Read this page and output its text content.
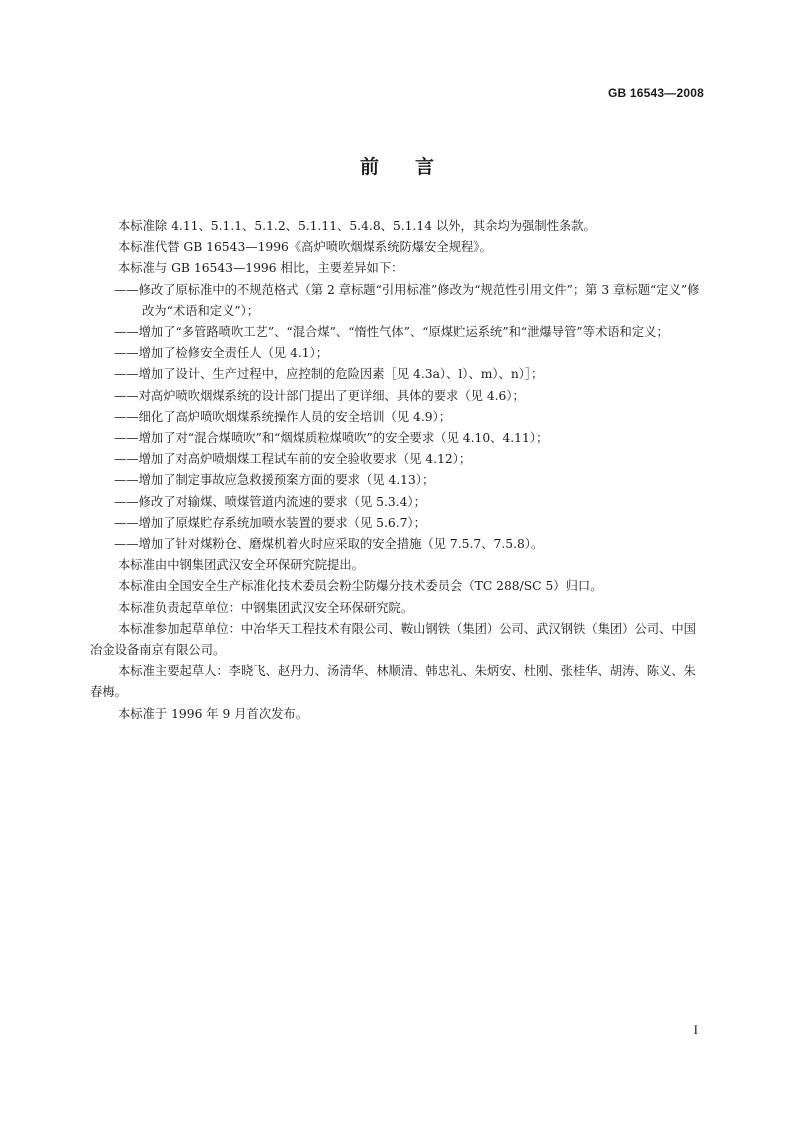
GB 16543—2008
前言

本标准除 4.11、5.1.1、5.1.2、5.1.11、5.4.8、5.1.14 以外，其余均为强制性条款。

本标准代替 GB 16543—1996《高炉喷吹烟煤系统防爆安全规程》。

本标准与 GB 16543—1996 相比，主要差异如下：

——修改了原标准中的不规范格式（第 2 章标题“引用标准”修改为“规范性引用文件”；第 3 章标题“定义”修改为“术语和定义”）；

——增加了“多管路喷吹工艺”、“混合煤”、“惰性气体”、“原煤贮运系统”和“泄爆导管”等术语和定义；

——增加了检修安全责任人（见 4.1）；

——增加了设计、生产过程中，应控制的危险因素［见 4.3a）、l）、m）、n）］；

——对高炉喷吹烟煤系统的设计部门提出了更详细、具体的要求（见 4.6）；

——细化了高炉喷吹烟煤系统操作人员的安全培训（见 4.9）；

——增加了对“混合煤喷吹”和“烟煤质粒煤喷吹”的安全要求（见 4.10、4.11）；

——增加了对高炉喷烟煤工程试车前的安全验收要求（见 4.12）；

——增加了制定事故应急救援预案方面的要求（见 4.13）；

——修改了对输煤、喷煤管道内流速的要求（见 5.3.4）；

——增加了原煤贮存系统加喷水装置的要求（见 5.6.7）；

——增加了针对煤粉仓、磨煤机着火时应采取的安全措施（见 7.5.7、7.5.8）。

本标准由中钢集团武汉安全环保研究院提出。

本标准由全国安全生产标准化技术委员会粉尘防爆分技术委员会（TC 288/SC 5）归口。

本标准负责起草单位：中钢集团武汉安全环保研究院。

本标准参加起草单位：中冶华天工程技术有限公司、鞍山钢铁（集团）公司、武汉钢铁（集团）公司、中国冶金设备南京有限公司。

本标准主要起草人：李晓飞、赵丹力、汤清华、林顺清、韩忠礼、朱炳安、杜刚、张桂华、胡涛、陈义、朱春梅。

本标准于 1996 年 9 月首次发布。

I
